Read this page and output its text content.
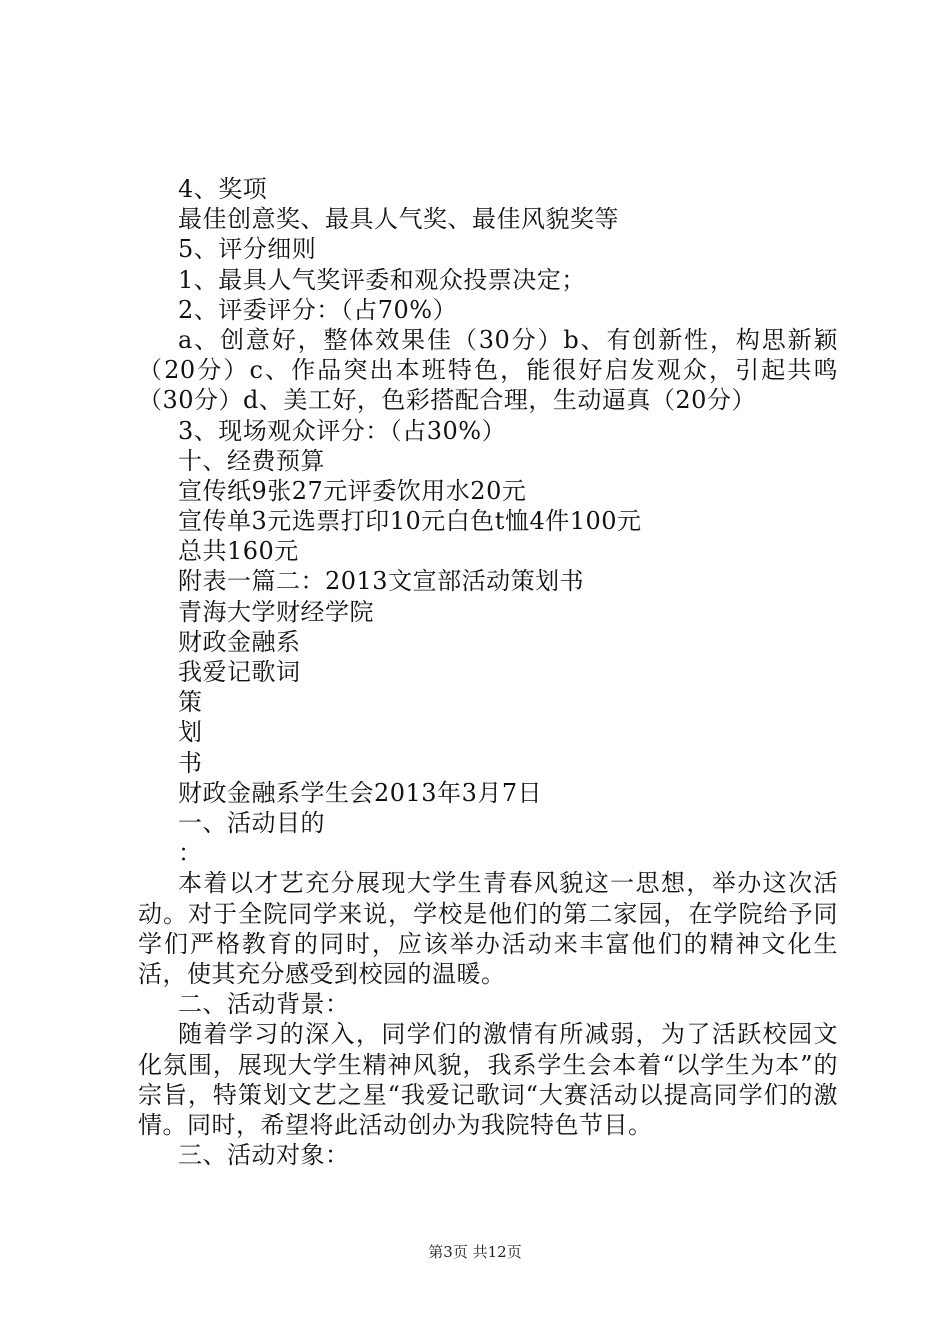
4、奖项
最佳创意奖、最具人气奖、最佳风貌奖等
5、评分细则
1、最具人气奖评委和观众投票决定；
2、评委评分：（占70%）
a、创意好，整体效果佳（30分）b、有创新性，构思新颖（20分）c、作品突出本班特色，能很好启发观众，引起共鸣（30分）d、美工好，色彩搭配合理，生动逼真（20分）
3、现场观众评分：（占30%）
十、经费预算
宣传纸9张27元评委饮用水20元
宣传单3元选票打印10元白色t恤4件100元
总共160元
附表一篇二：2013文宣部活动策划书
青海大学财经学院
财政金融系
我爱记歌词
策
划
书
财政金融系学生会2013年3月7日
一、活动目的
：
本着以才艺充分展现大学生青春风貌这一思想，举办这次活动。对于全院同学来说，学校是他们的第二家园，在学院给予同学们严格教育的同时，应该举办活动来丰富他们的精神文化生活，使其充分感受到校园的温暖。
二、活动背景：
随着学习的深入，同学们的激情有所减弱，为了活跃校园文化氛围，展现大学生精神风貌，我系学生会本着“以学生为本”的宗旨，特策划文艺之星“我爱记歌词“大赛活动以提高同学们的激情。同时，希望将此活动创办为我院特色节目。
三、活动对象：
第3页 共12页
